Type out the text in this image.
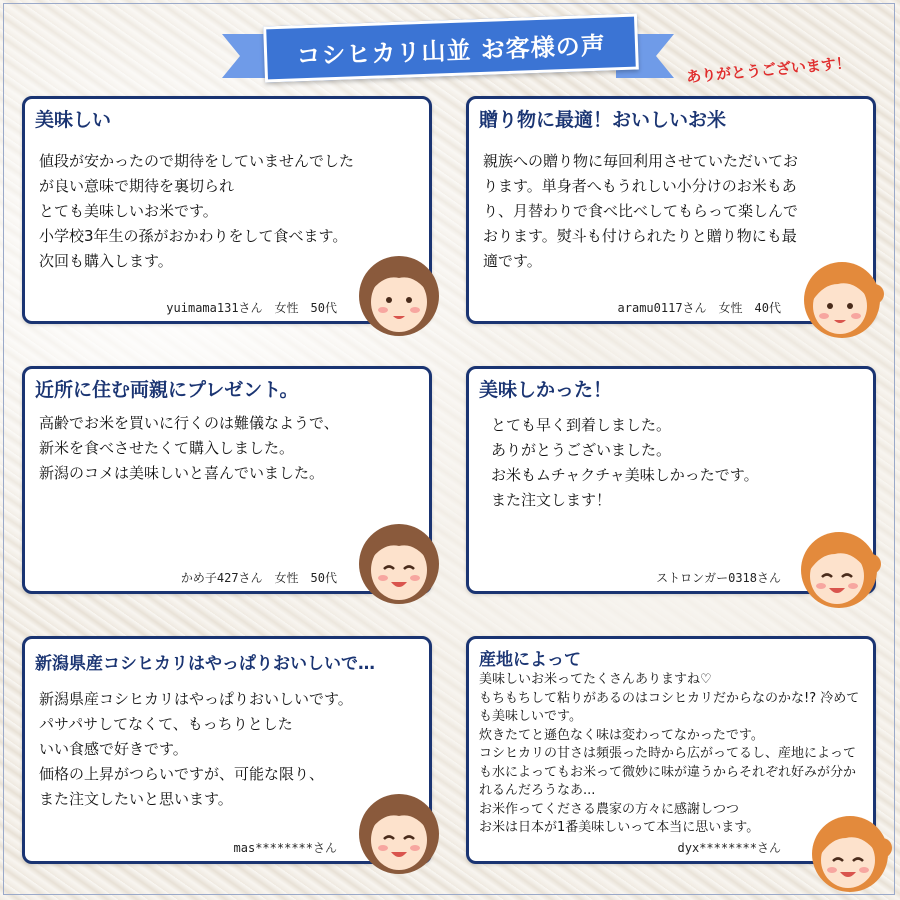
コシヒカリ山並 お客様の声
ありがとうございます！
美味しい
値段が安かったので期待をしていませんでした
が良い意味で期待を裏切られ
とても美味しいお米です。
小学校3年生の孫がおかわりをして食べます。
次回も購入します。
yuimama131さん　女性　50代
贈り物に最適！おいしいお米
親族への贈り物に毎回利用させていただいてお
ります。単身者へもうれしい小分けのお米もあ
り、月替わりで食べ比べしてもらって楽しんで
おります。熨斗も付けられたりと贈り物にも最
適です。
aramu0117さん　女性　40代
近所に住む両親にプレゼント。
高齢でお米を買いに行くのは難儀なようで、
新米を食べさせたくて購入しました。
新潟のコメは美味しいと喜んでいました。
かめ子427さん　女性　50代
美味しかった！
とても早く到着しました。
ありがとうございました。
お米もムチャクチャ美味しかったです。
また注文します！
ストロンガー0318さん
新潟県産コシヒカリはやっぱりおいしいで…
新潟県産コシヒカリはやっぱりおいしいです。
パサパサしてなくて、もっちりとした
いい食感で好きです。
価格の上昇がつらいですが、可能な限り、
また注文したいと思います。
mas********さん
産地によって
美味しいお米ってたくさんありますね♡
もちもちして粘りがあるのはコシヒカリだからなのかな!? 冷めても美味しいです。
炊きたてと遜色なく味は変わってなかったです。
コシヒカリの甘さは頻張った時から広がってるし、産地によっても水によってもお米って微妙に味が違うからそれぞれ好みが分かれるんだろうなあ...
お米作ってくださる農家の方々に感謝しつつ
お米は日本が1番美味しいって本当に思います。
dyx********さん
